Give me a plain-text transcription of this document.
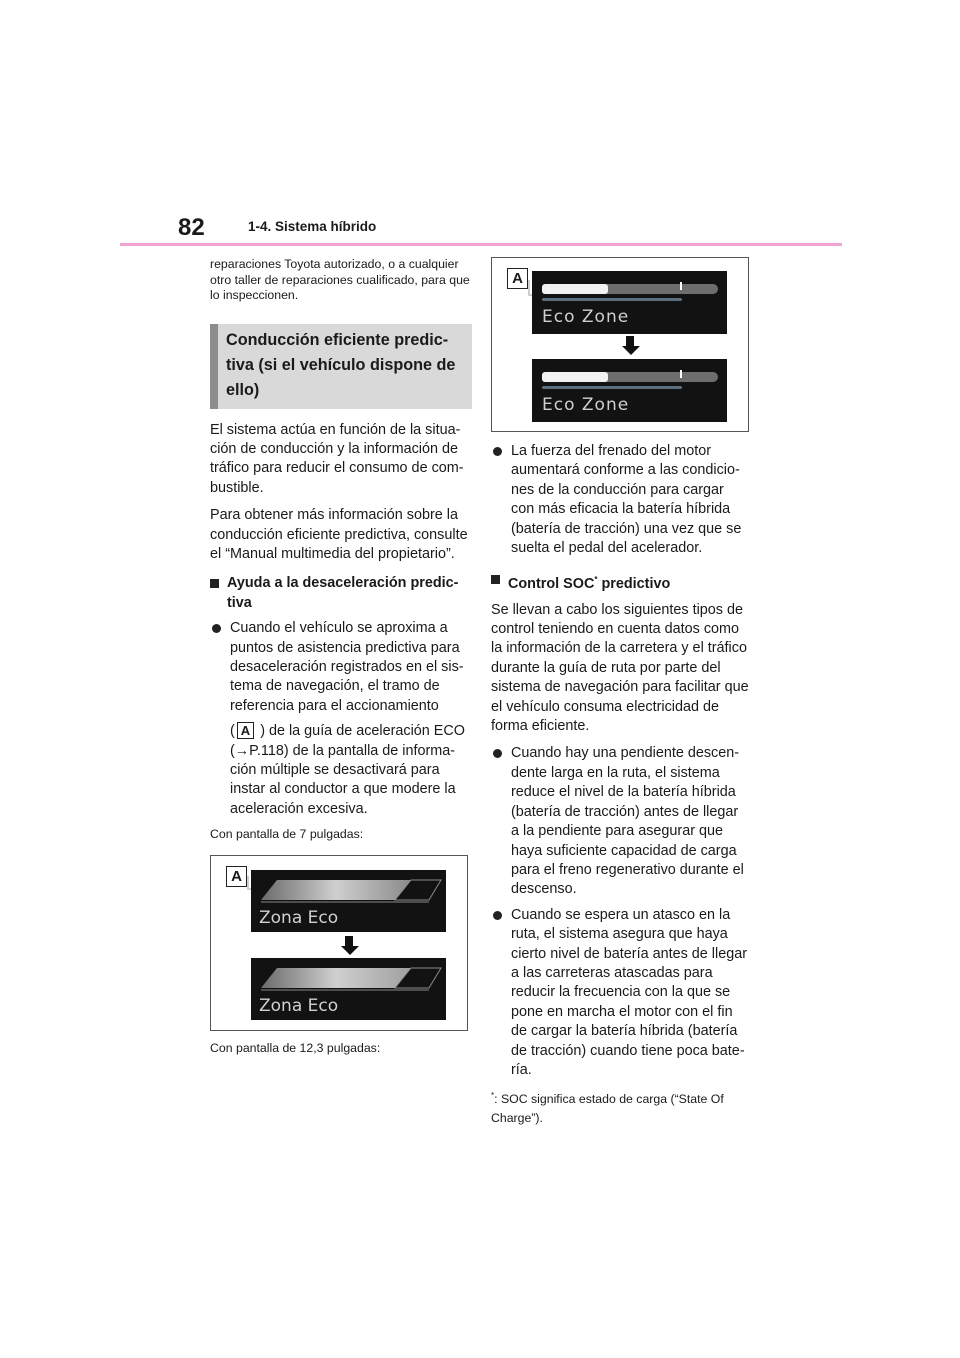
82	1-4. Sistema híbrido

reparaciones Toyota autorizado, o a cualquier otro taller de reparaciones cualificado, para que lo inspeccionen.

Conducción eficiente predictiva (si el vehículo dispone de ello)

El sistema actúa en función de la situación de conducción y la información de tráfico para reducir el consumo de combustible.

Para obtener más información sobre la conducción eficiente predictiva, consulte el “Manual multimedia del propietario”.

Ayuda a la desaceleración predictiva
Cuando el vehículo se aproxima a puntos de asistencia predictiva para desaceleración registrados en el sistema de navegación, el tramo de referencia para el accionamiento
( A ) de la guía de aceleración ECO (→P.118) de la pantalla de información múltiple se desactivará para instar al conductor a que modere la aceleración excesiva.
Con pantalla de 7 pulgadas:
A
Zona Eco
Zona Eco
Con pantalla de 12,3 pulgadas:
A
Eco Zone
Eco Zone
La fuerza del frenado del motor aumentará conforme a las condiciones de la conducción para cargar con más eficacia la batería híbrida (batería de tracción) una vez que se suelta el pedal del acelerador.
Control SOC* predictivo

Se llevan a cabo los siguientes tipos de control teniendo en cuenta datos como la información de la carretera y el tráfico durante la guía de ruta por parte del sistema de navegación para facilitar que el vehículo consuma electricidad de forma eficiente.

Cuando hay una pendiente descendente larga en la ruta, el sistema reduce el nivel de la batería híbrida (batería de tracción) antes de llegar a la pendiente para asegurar que haya suficiente capacidad de carga para el freno regenerativo durante el descenso.
Cuando se espera un atasco en la ruta, el sistema asegura que haya cierto nivel de batería antes de llegar a las carreteras atascadas para reducir la frecuencia con la que se pone en marcha el motor con el fin de cargar la batería híbrida (batería de tracción) cuando tiene poca batería.
*: SOC significa estado de carga (“State Of Charge”).
